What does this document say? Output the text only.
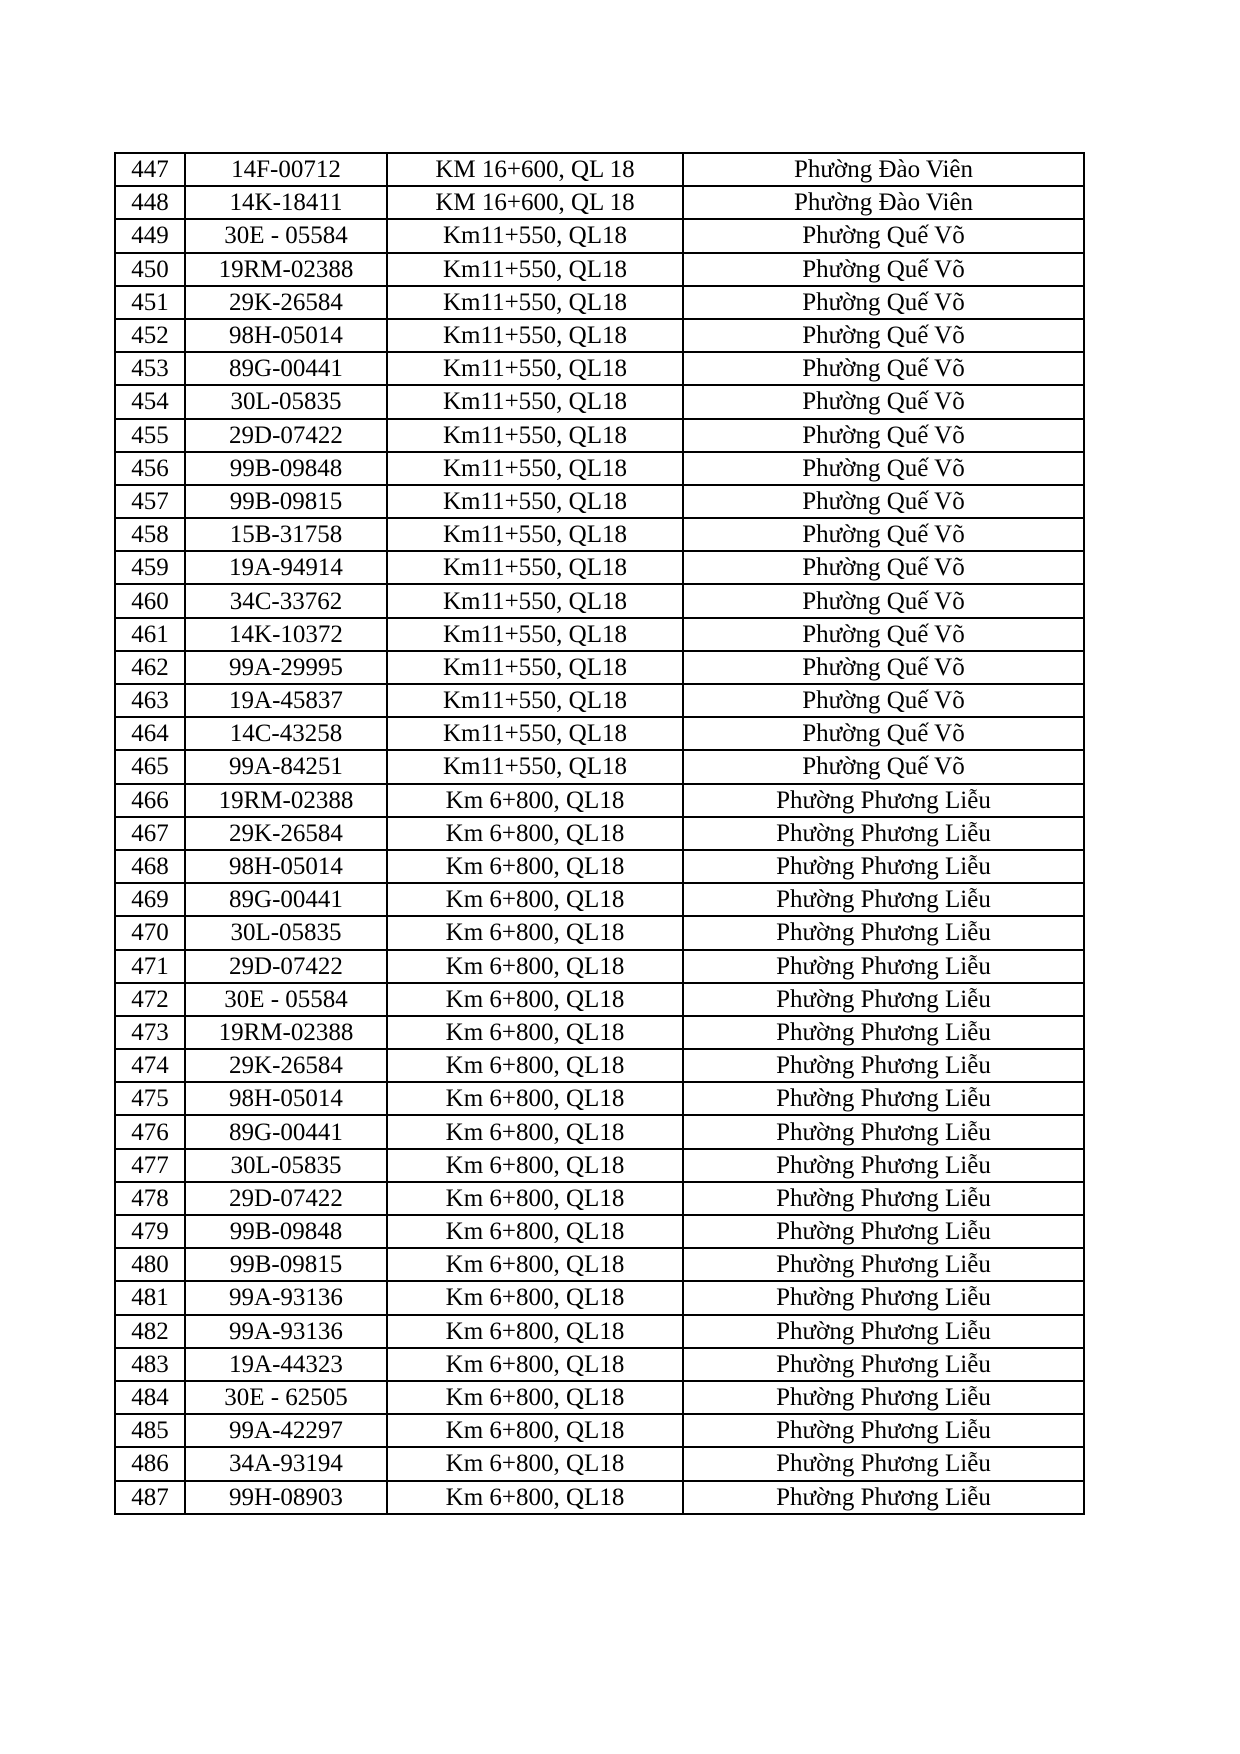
447	14F-00712	KM 16+600, QL 18	Phường Đào Viên
448	14K-18411	KM 16+600, QL 18	Phường Đào Viên
449	30E - 05584	Km11+550, QL18	Phường Quế Võ
450	19RM-02388	Km11+550, QL18	Phường Quế Võ
451	29K-26584	Km11+550, QL18	Phường Quế Võ
452	98H-05014	Km11+550, QL18	Phường Quế Võ
453	89G-00441	Km11+550, QL18	Phường Quế Võ
454	30L-05835	Km11+550, QL18	Phường Quế Võ
455	29D-07422	Km11+550, QL18	Phường Quế Võ
456	99B-09848	Km11+550, QL18	Phường Quế Võ
457	99B-09815	Km11+550, QL18	Phường Quế Võ
458	15B-31758	Km11+550, QL18	Phường Quế Võ
459	19A-94914	Km11+550, QL18	Phường Quế Võ
460	34C-33762	Km11+550, QL18	Phường Quế Võ
461	14K-10372	Km11+550, QL18	Phường Quế Võ
462	99A-29995	Km11+550, QL18	Phường Quế Võ
463	19A-45837	Km11+550, QL18	Phường Quế Võ
464	14C-43258	Km11+550, QL18	Phường Quế Võ
465	99A-84251	Km11+550, QL18	Phường Quế Võ
466	19RM-02388	Km 6+800, QL18	Phường Phương Liễu
467	29K-26584	Km 6+800, QL18	Phường Phương Liễu
468	98H-05014	Km 6+800, QL18	Phường Phương Liễu
469	89G-00441	Km 6+800, QL18	Phường Phương Liễu
470	30L-05835	Km 6+800, QL18	Phường Phương Liễu
471	29D-07422	Km 6+800, QL18	Phường Phương Liễu
472	30E - 05584	Km 6+800, QL18	Phường Phương Liễu
473	19RM-02388	Km 6+800, QL18	Phường Phương Liễu
474	29K-26584	Km 6+800, QL18	Phường Phương Liễu
475	98H-05014	Km 6+800, QL18	Phường Phương Liễu
476	89G-00441	Km 6+800, QL18	Phường Phương Liễu
477	30L-05835	Km 6+800, QL18	Phường Phương Liễu
478	29D-07422	Km 6+800, QL18	Phường Phương Liễu
479	99B-09848	Km 6+800, QL18	Phường Phương Liễu
480	99B-09815	Km 6+800, QL18	Phường Phương Liễu
481	99A-93136	Km 6+800, QL18	Phường Phương Liễu
482	99A-93136	Km 6+800, QL18	Phường Phương Liễu
483	19A-44323	Km 6+800, QL18	Phường Phương Liễu
484	30E - 62505	Km 6+800, QL18	Phường Phương Liễu
485	99A-42297	Km 6+800, QL18	Phường Phương Liễu
486	34A-93194	Km 6+800, QL18	Phường Phương Liễu
487	99H-08903	Km 6+800, QL18	Phường Phương Liễu
